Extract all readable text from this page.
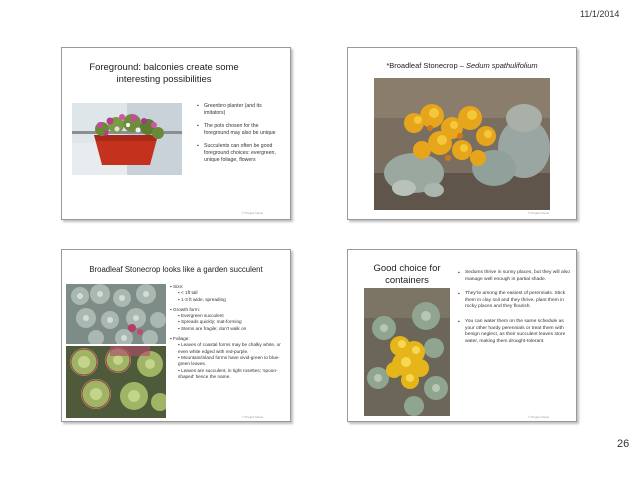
11/1/2014
Foreground: balconies create some interesting possibilities
▪ Greenbro planter (and its imitators)
▪ The pots chosen for the foreground may also be unique
▪ Succulents can often be good foreground choices: evergreen, unique foliage, flowers
© Project Name
*Broadleaf Stonecrop – Sedum spathulifolium
© Project Name
Broadleaf Stonecrop looks like a garden succulent
▪ Size:
▪ < 1ft tall
▪ 1-3 ft wide, spreading
▪ Growth form:
▪ Evergreen succulent
▪ Spreads quickly; mat-forming
▪ Stems are fragile; don't walk on
▪ Foliage:
▪ Leaves of coastal forms may be chalky white, or even white edged with red-purple.
▪ Mountain/inland forms have vivid-green to blue-green leaves.
▪ Leaves are succulent, in tight rosettes; 'spoon-shaped' hence the name.
© Project Name
Good choice for containers
▪ Sedums thrive in sunny places, but they will also manage well enough in partial shade.
▪ They're among the easiest of perennials. Stick them in clay soil and they thrive, plant them in rocky places and they flourish.
▪ You can water them on the same schedule as your other hardy perennials or treat them with benign neglect, as their succulent leaves store water, making them drought-tolerant.
© Project Name
26
